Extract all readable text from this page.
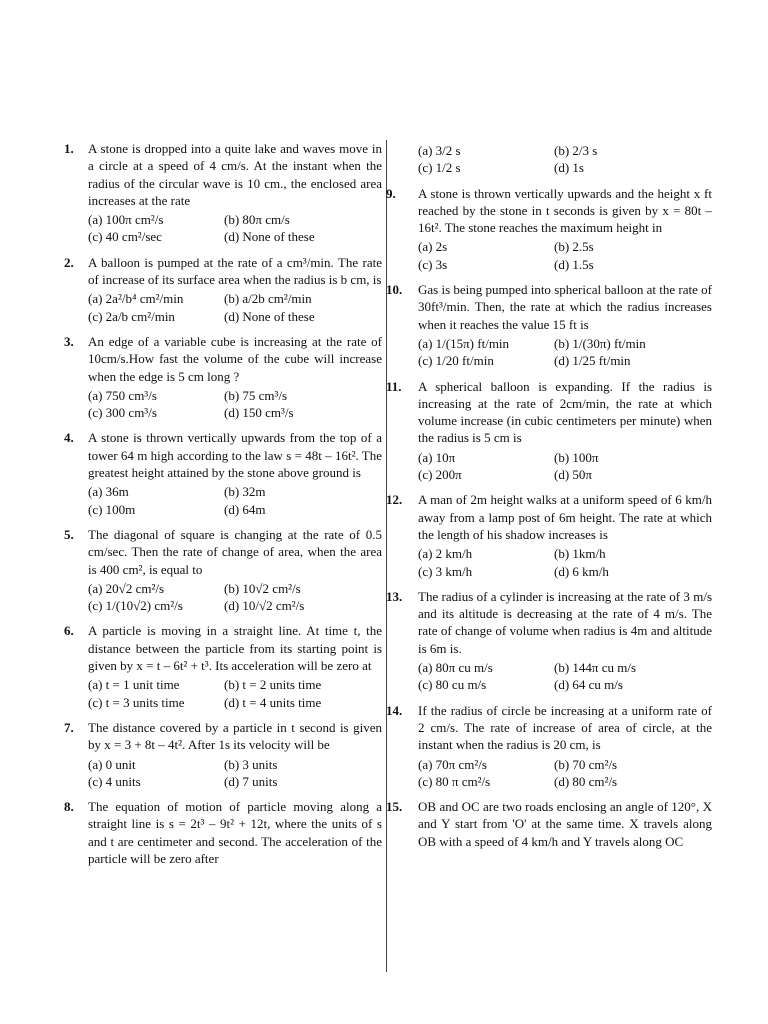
1. A stone is dropped into a quite lake and waves move in a circle at a speed of 4 cm/s. At the instant when the radius of the circular wave is 10 cm., the enclosed area increases at the rate
(a) 100π cm²/s	(b) 80π cm/s
(c) 40 cm²/sec	(d) None of these
2. A balloon is pumped at the rate of a cm³/min. The rate of increase of its surface area when the radius is b cm, is
(a) 2a²/b⁴ cm²/min	(b) a/2b cm²/min
(c) 2a/b cm²/min	(d) None of these
3. An edge of a variable cube is increasing at the rate of 10cm/s.How fast the volume of the cube will increase when the edge is 5 cm long ?
(a) 750 cm³/s	(b) 75 cm³/s
(c) 300 cm³/s	(d) 150 cm³/s
4. A stone is thrown vertically upwards from the top of a tower 64 m high according to the law s = 48t – 16t². The greatest height attained by the stone above ground is
(a) 36m	(b) 32m
(c) 100m	(d) 64m
5. The diagonal of square is changing at the rate of 0.5 cm/sec. Then the rate of change of area, when the area is 400 cm², is equal to
(a) 20√2 cm²/s	(b) 10√2 cm²/s
(c) 1/(10√2) cm²/s	(d) 10/√2 cm²/s
6. A particle is moving in a straight line. At time t, the distance between the particle from its starting point is given by x = t – 6t² + t³. Its acceleration will be zero at
(a) t = 1 unit time	(b) t = 2 units time
(c) t = 3 units time	(d) t = 4 units time
7. The distance covered by a particle in t second is given by x = 3 + 8t – 4t². After 1s its velocity will be
(a) 0 unit	(b) 3 units
(c) 4 units	(d) 7 units
8. The equation of motion of particle moving along a straight line is s = 2t³ – 9t² + 12t, where the units of s and t are centimeter and second. The acceleration of the particle will be zero after
(a) 3/2 s	(b) 2/3 s
(c) 1/2 s	(d) 1s
9. A stone is thrown vertically upwards and the height x ft reached by the stone in t seconds is given by x = 80t – 16t². The stone reaches the maximum height in
(a) 2s	(b) 2.5s
(c) 3s	(d) 1.5s
10. Gas is being pumped into spherical balloon at the rate of 30ft³/min. Then, the rate at which the radius increases when it reaches the value 15 ft is
(a) 1/(15π) ft/min	(b) 1/(30π) ft/min
(c) 1/20 ft/min	(d) 1/25 ft/min
11. A spherical balloon is expanding. If the radius is increasing at the rate of 2cm/min, the rate at which volume increase (in cubic centimeters per minute) when the radius is 5 cm is
(a) 10π	(b) 100π
(c) 200π	(d) 50π
12. A man of 2m height walks at a uniform speed of 6 km/h away from a lamp post of 6m height. The rate at which the length of his shadow increases is
(a) 2 km/h	(b) 1km/h
(c) 3 km/h	(d) 6 km/h
13. The radius of a cylinder is increasing at the rate of 3 m/s and its altitude is decreasing at the rate of 4 m/s. The rate of change of volume when radius is 4m and altitude is 6m is.
(a) 80π cu m/s	(b) 144π cu m/s
(c) 80 cu m/s	(d) 64 cu m/s
14. If the radius of circle be increasing at a uniform rate of 2 cm/s. The rate of increase of area of circle, at the instant when the radius is 20 cm, is
(a) 70π cm²/s	(b) 70 cm²/s
(c) 80 π cm²/s	(d) 80 cm²/s
15. OB and OC are two roads enclosing an angle of 120°, X and Y start from 'O' at the same time. X travels along OB with a speed of 4 km/h and Y travels along OC
